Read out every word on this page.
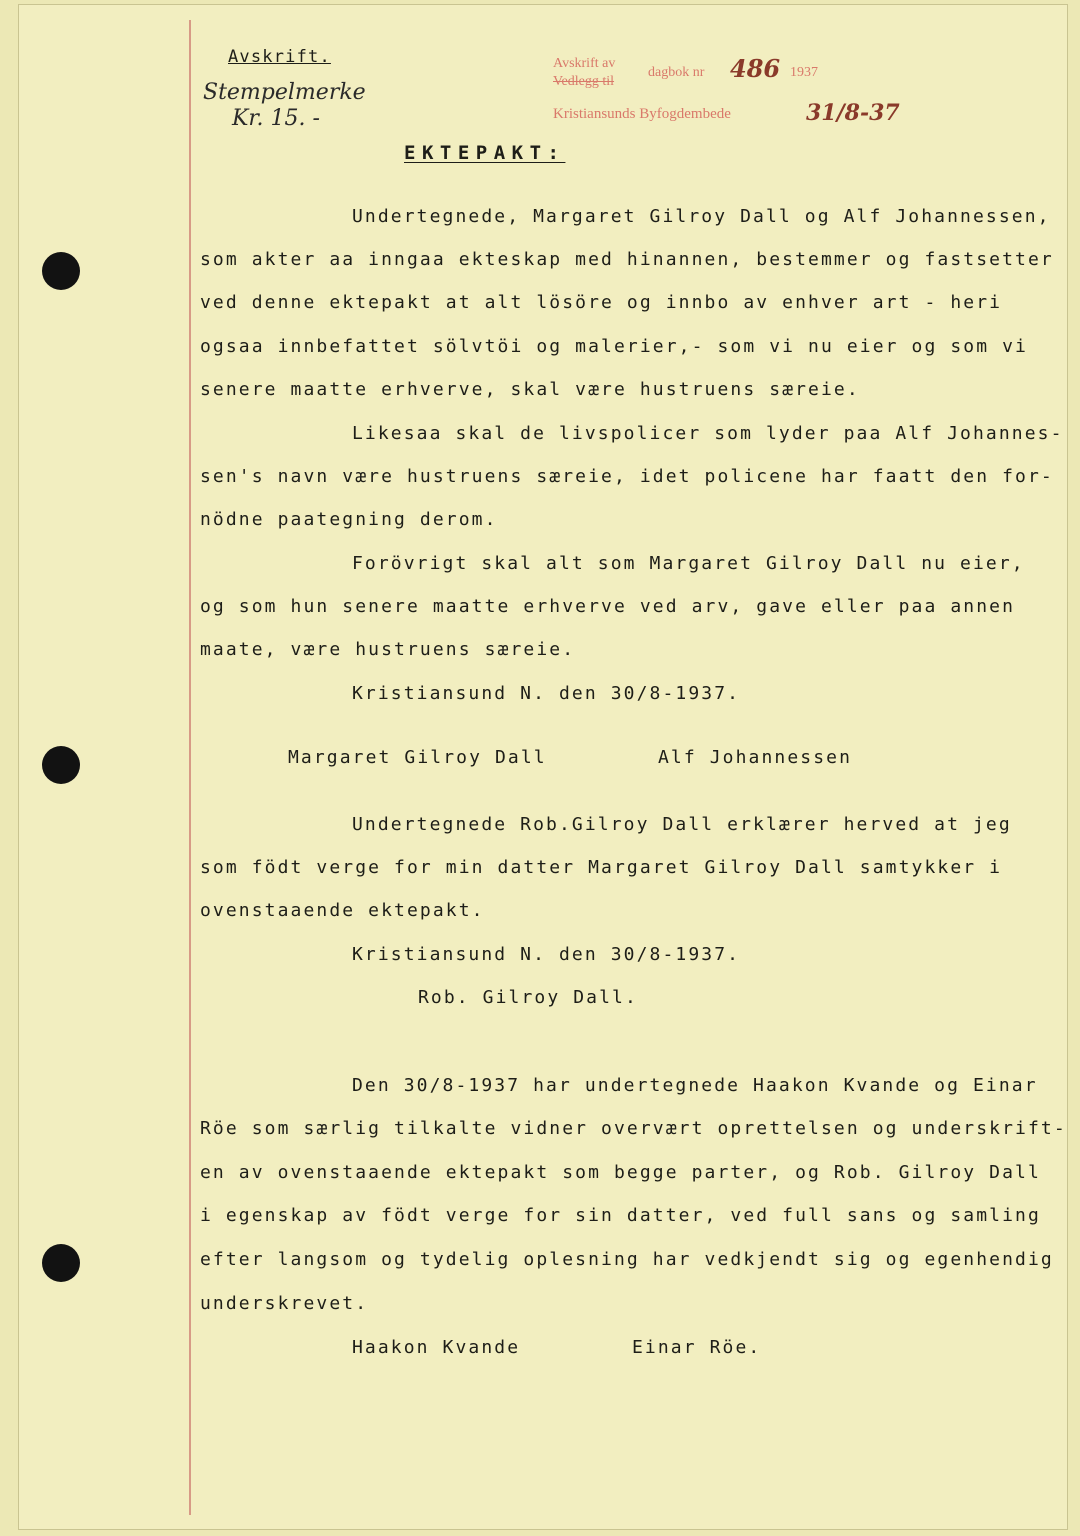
Avskrift.
Stempelmerke
Kr. 15. -
Avskrift av
Vedlegg til
dagbok nr 486 1937
Kristiansunds Byfogdembede	31/8-37
EKTEPAKT:
Undertegnede, Margaret Gilroy Dall og Alf Johannessen,
som akter aa inngaa ekteskap med hinannen, bestemmer og fastsetter
ved denne ektepakt at alt lösöre og innbo av enhver art - heri
ogsaa innbefattet sölvtöi og malerier,- som vi nu eier og som vi
senere maatte erhverve, skal være hustruens særeie.
Likesaa skal de livspolicer som lyder paa Alf Johannes-
sen's navn være hustruens særeie, idet policene har faatt den for-
nödne paategning derom.
Forövrigt skal alt som Margaret Gilroy Dall nu eier,
og som hun senere maatte erhverve ved arv, gave eller paa annen
maate, være hustruens særeie.
Kristiansund N. den 30/8-1937.
Margaret Gilroy Dall	Alf Johannessen
Undertegnede Rob.Gilroy Dall erklærer herved at jeg
som födt verge for min datter Margaret Gilroy Dall samtykker i
ovenstaaende ektepakt.
Kristiansund N. den 30/8-1937.
Rob. Gilroy Dall.
Den 30/8-1937 har undertegnede Haakon Kvande og Einar
Röe som særlig tilkalte vidner overvært oprettelsen og underskrift-
en av ovenstaaende ektepakt som begge parter, og Rob. Gilroy Dall
i egenskap av födt verge for sin datter, ved full sans og samling
efter langsom og tydelig oplesning har vedkjendt sig og egenhendig
underskrevet.
Haakon Kvande	Einar Röe.
